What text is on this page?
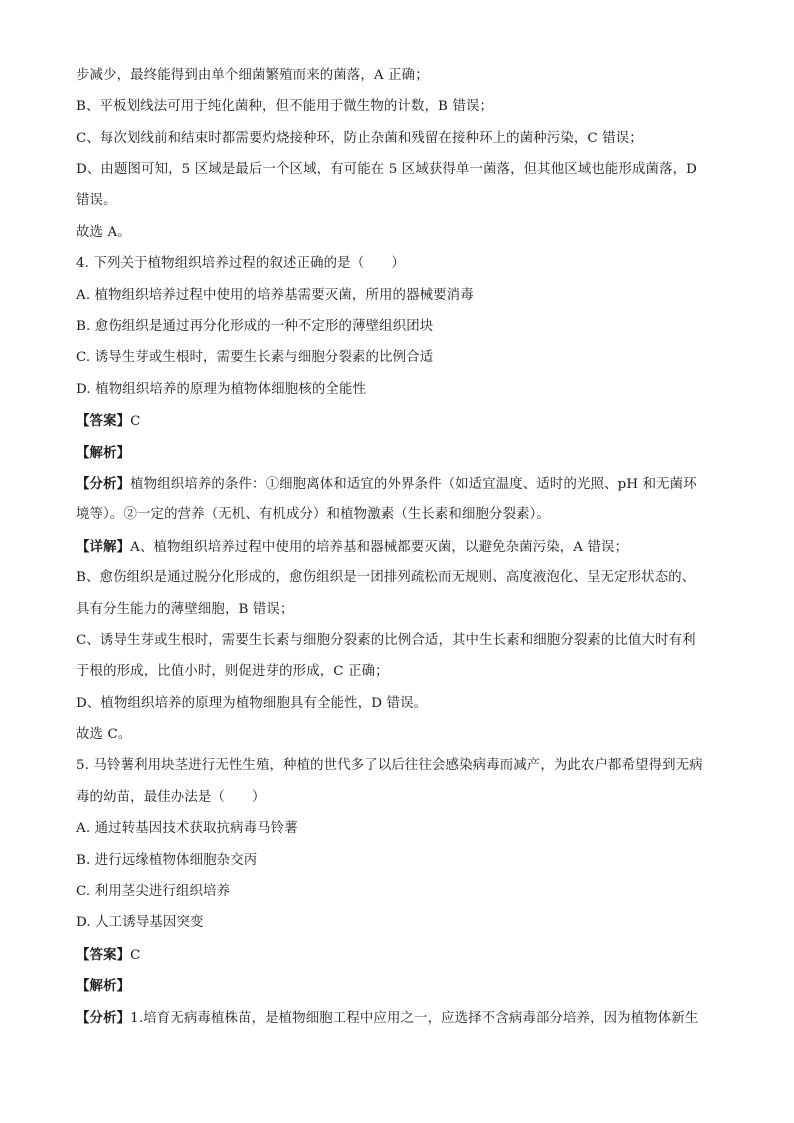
步减少，最终能得到由单个细菌繁殖而来的菌落，A 正确；
B、平板划线法可用于纯化菌种，但不能用于微生物的计数，B 错误；
C、每次划线前和结束时都需要灼烧接种环，防止杂菌和残留在接种环上的菌种污染，C 错误；
D、由题图可知，5 区域是最后一个区域，有可能在 5 区域获得单一菌落，但其他区域也能形成菌落，D
错误。
故选 A。
4. 下列关于植物组织培养过程的叙述正确的是（　　）
A. 植物组织培养过程中使用的培养基需要灭菌，所用的器械要消毒
B. 愈伤组织是通过再分化形成的一种不定形的薄壁组织团块
C. 诱导生芽或生根时，需要生长素与细胞分裂素的比例合适
D. 植物组织培养的原理为植物体细胞核的全能性
【答案】C
【解析】
【分析】植物组织培养的条件：①细胞离体和适宜的外界条件（如适宜温度、适时的光照、pH 和无菌环
境等）。②一定的营养（无机、有机成分）和植物激素（生长素和细胞分裂素）。
【详解】A、植物组织培养过程中使用的培养基和器械都要灭菌，以避免杂菌污染，A 错误；
B、愈伤组织是通过脱分化形成的，愈伤组织是一团排列疏松而无规则、高度液泡化、呈无定形状态的、
具有分生能力的薄壁细胞，B 错误；
C、诱导生芽或生根时，需要生长素与细胞分裂素的比例合适，其中生长素和细胞分裂素的比值大时有利
于根的形成，比值小时，则促进芽的形成，C 正确；
D、植物组织培养的原理为植物细胞具有全能性，D 错误。
故选 C。
5. 马铃薯利用块茎进行无性生殖，种植的世代多了以后往往会感染病毒而减产，为此农户都希望得到无病
毒的幼苗，最佳办法是（　　）
A. 通过转基因技术获取抗病毒马铃薯
B. 进行远缘植物体细胞杂交丙
C. 利用茎尖进行组织培养
D. 人工诱导基因突变
【答案】C
【解析】
【分析】1.培育无病毒植株苗，是植物细胞工程中应用之一，应选择不含病毒部分培养，因为植物体新生
